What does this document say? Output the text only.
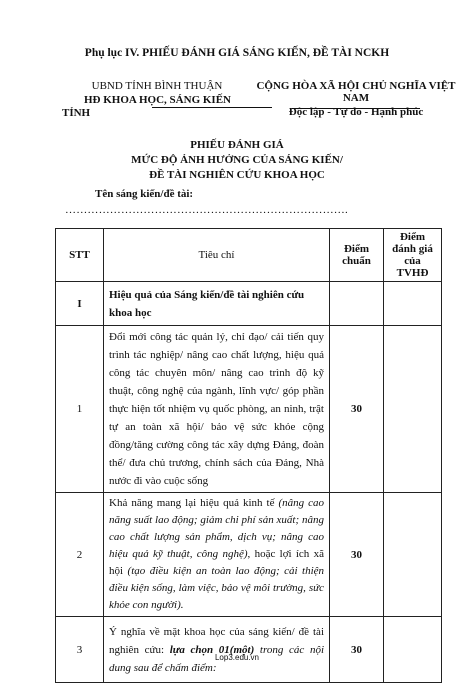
Phụ lục IV. PHIẾU ĐÁNH GIÁ SÁNG KIẾN, ĐỀ TÀI NCKH
UBND TỈNH BÌNH THUẬN
HĐ KHOA HỌC, SÁNG KIẾN
TỈNH
CỘNG HÒA XÃ HỘI CHỦ NGHĨA VIỆT NAM
Độc lập - Tự do - Hạnh phúc
PHIẾU ĐÁNH GIÁ
MỨC ĐỘ ẢNH HƯỞNG CỦA SÁNG KIẾN/
ĐỀ TÀI NGHIÊN CỨU KHOA HỌC
Tên sáng kiến/đề tài:
………………………………………………………………….
STT	Tiêu chí	Điểm chuẩn	Điểm đánh giá của TVHĐ
I	Hiệu quả của Sáng kiến/đề tài nghiên cứu khoa học		
1	Đổi mới công tác quản lý, chỉ đạo/ cải tiến quy trình tác nghiệp/ nâng cao chất lượng, hiệu quả công tác chuyên môn/ nâng cao trình độ kỹ thuật, công nghệ của ngành, lĩnh vực/ góp phần thực hiện tốt nhiệm vụ quốc phòng, an ninh, trật tự an toàn xã hội/ bảo vệ sức khỏe cộng đồng/tăng cường công tác xây dựng Đảng, đoàn thể/ đưa chủ trương, chính sách của Đảng, Nhà nước đi vào cuộc sống	30	
2	Khả năng mang lại hiệu quả kinh tế (nâng cao năng suất lao động; giảm chi phí sản xuất; nâng cao chất lượng sản phẩm, dịch vụ; nâng cao hiệu quả kỹ thuật, công nghệ), hoặc lợi ích xã hội (tạo điều kiện an toàn lao động; cải thiện điều kiện sống, làm việc, bảo vệ môi trường, sức khỏe con người).	30	
3	Ý nghĩa về mặt khoa học của sáng kiến/ đề tài nghiên cứu: lựa chọn 01(một) trong các nội dung sau để chấm điểm:	30	
Lop3.edu.vn
